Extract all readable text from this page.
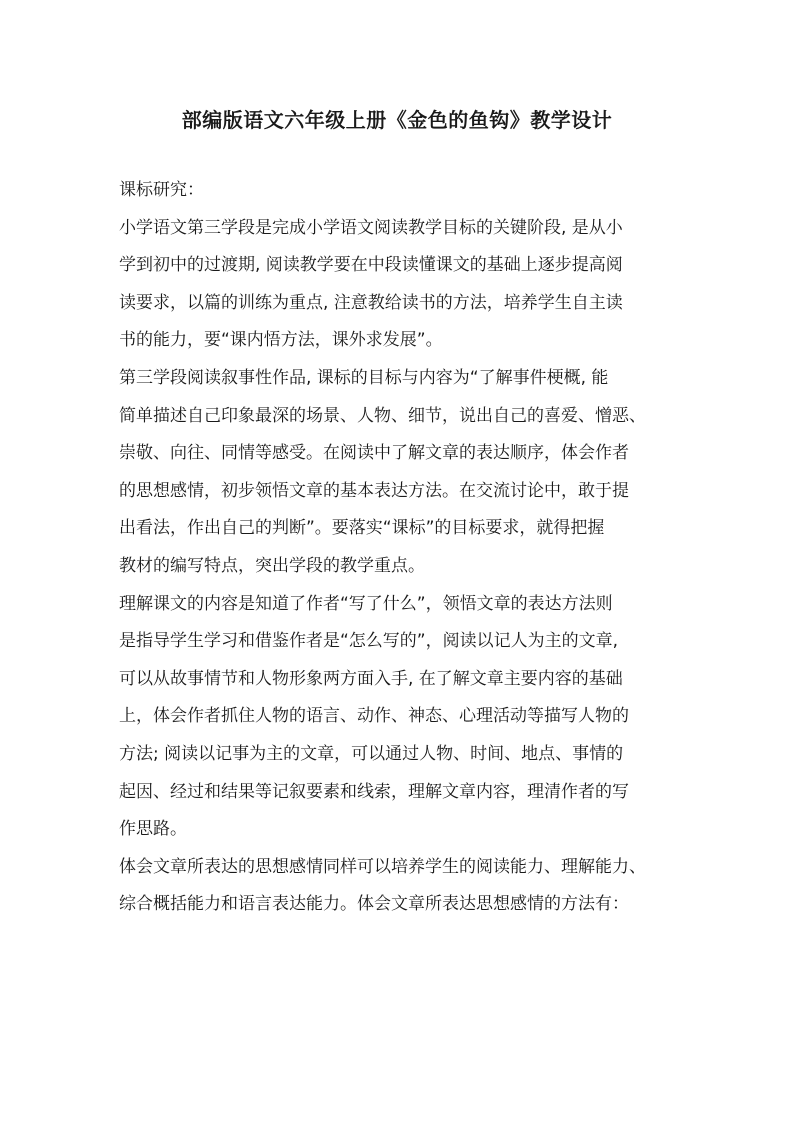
部编版语文六年级上册《金色的鱼钩》教学设计
课标研究：
小学语文第三学段是完成小学语文阅读教学目标的关键阶段, 是从小
学到初中的过渡期, 阅读教学要在中段读懂课文的基础上逐步提高阅
读要求，以篇的训练为重点, 注意教给读书的方法，培养学生自主读
书的能力，要“课内悟方法，课外求发展”。
第三学段阅读叙事性作品, 课标的目标与内容为“了解事件梗概, 能
简单描述自己印象最深的场景、人物、细节，说出自己的喜爱、憎恶、
崇敬、向往、同情等感受。在阅读中了解文章的表达顺序，体会作者
的思想感情，初步领悟文章的基本表达方法。在交流讨论中，敢于提
出看法，作出自己的判断”。要落实“课标”的目标要求，就得把握
教材的编写特点，突出学段的教学重点。
理解课文的内容是知道了作者“写了什么”，领悟文章的表达方法则
是指导学生学习和借鉴作者是“怎么写的”，阅读以记人为主的文章,
可以从故事情节和人物形象两方面入手, 在了解文章主要内容的基础
上，体会作者抓住人物的语言、动作、神态、心理活动等描写人物的
方法; 阅读以记事为主的文章，可以通过人物、时间、地点、事情的
起因、经过和结果等记叙要素和线索，理解文章内容，理清作者的写
作思路。
体会文章所表达的思想感情同样可以培养学生的阅读能力、理解能力、
综合概括能力和语言表达能力。体会文章所表达思想感情的方法有：
